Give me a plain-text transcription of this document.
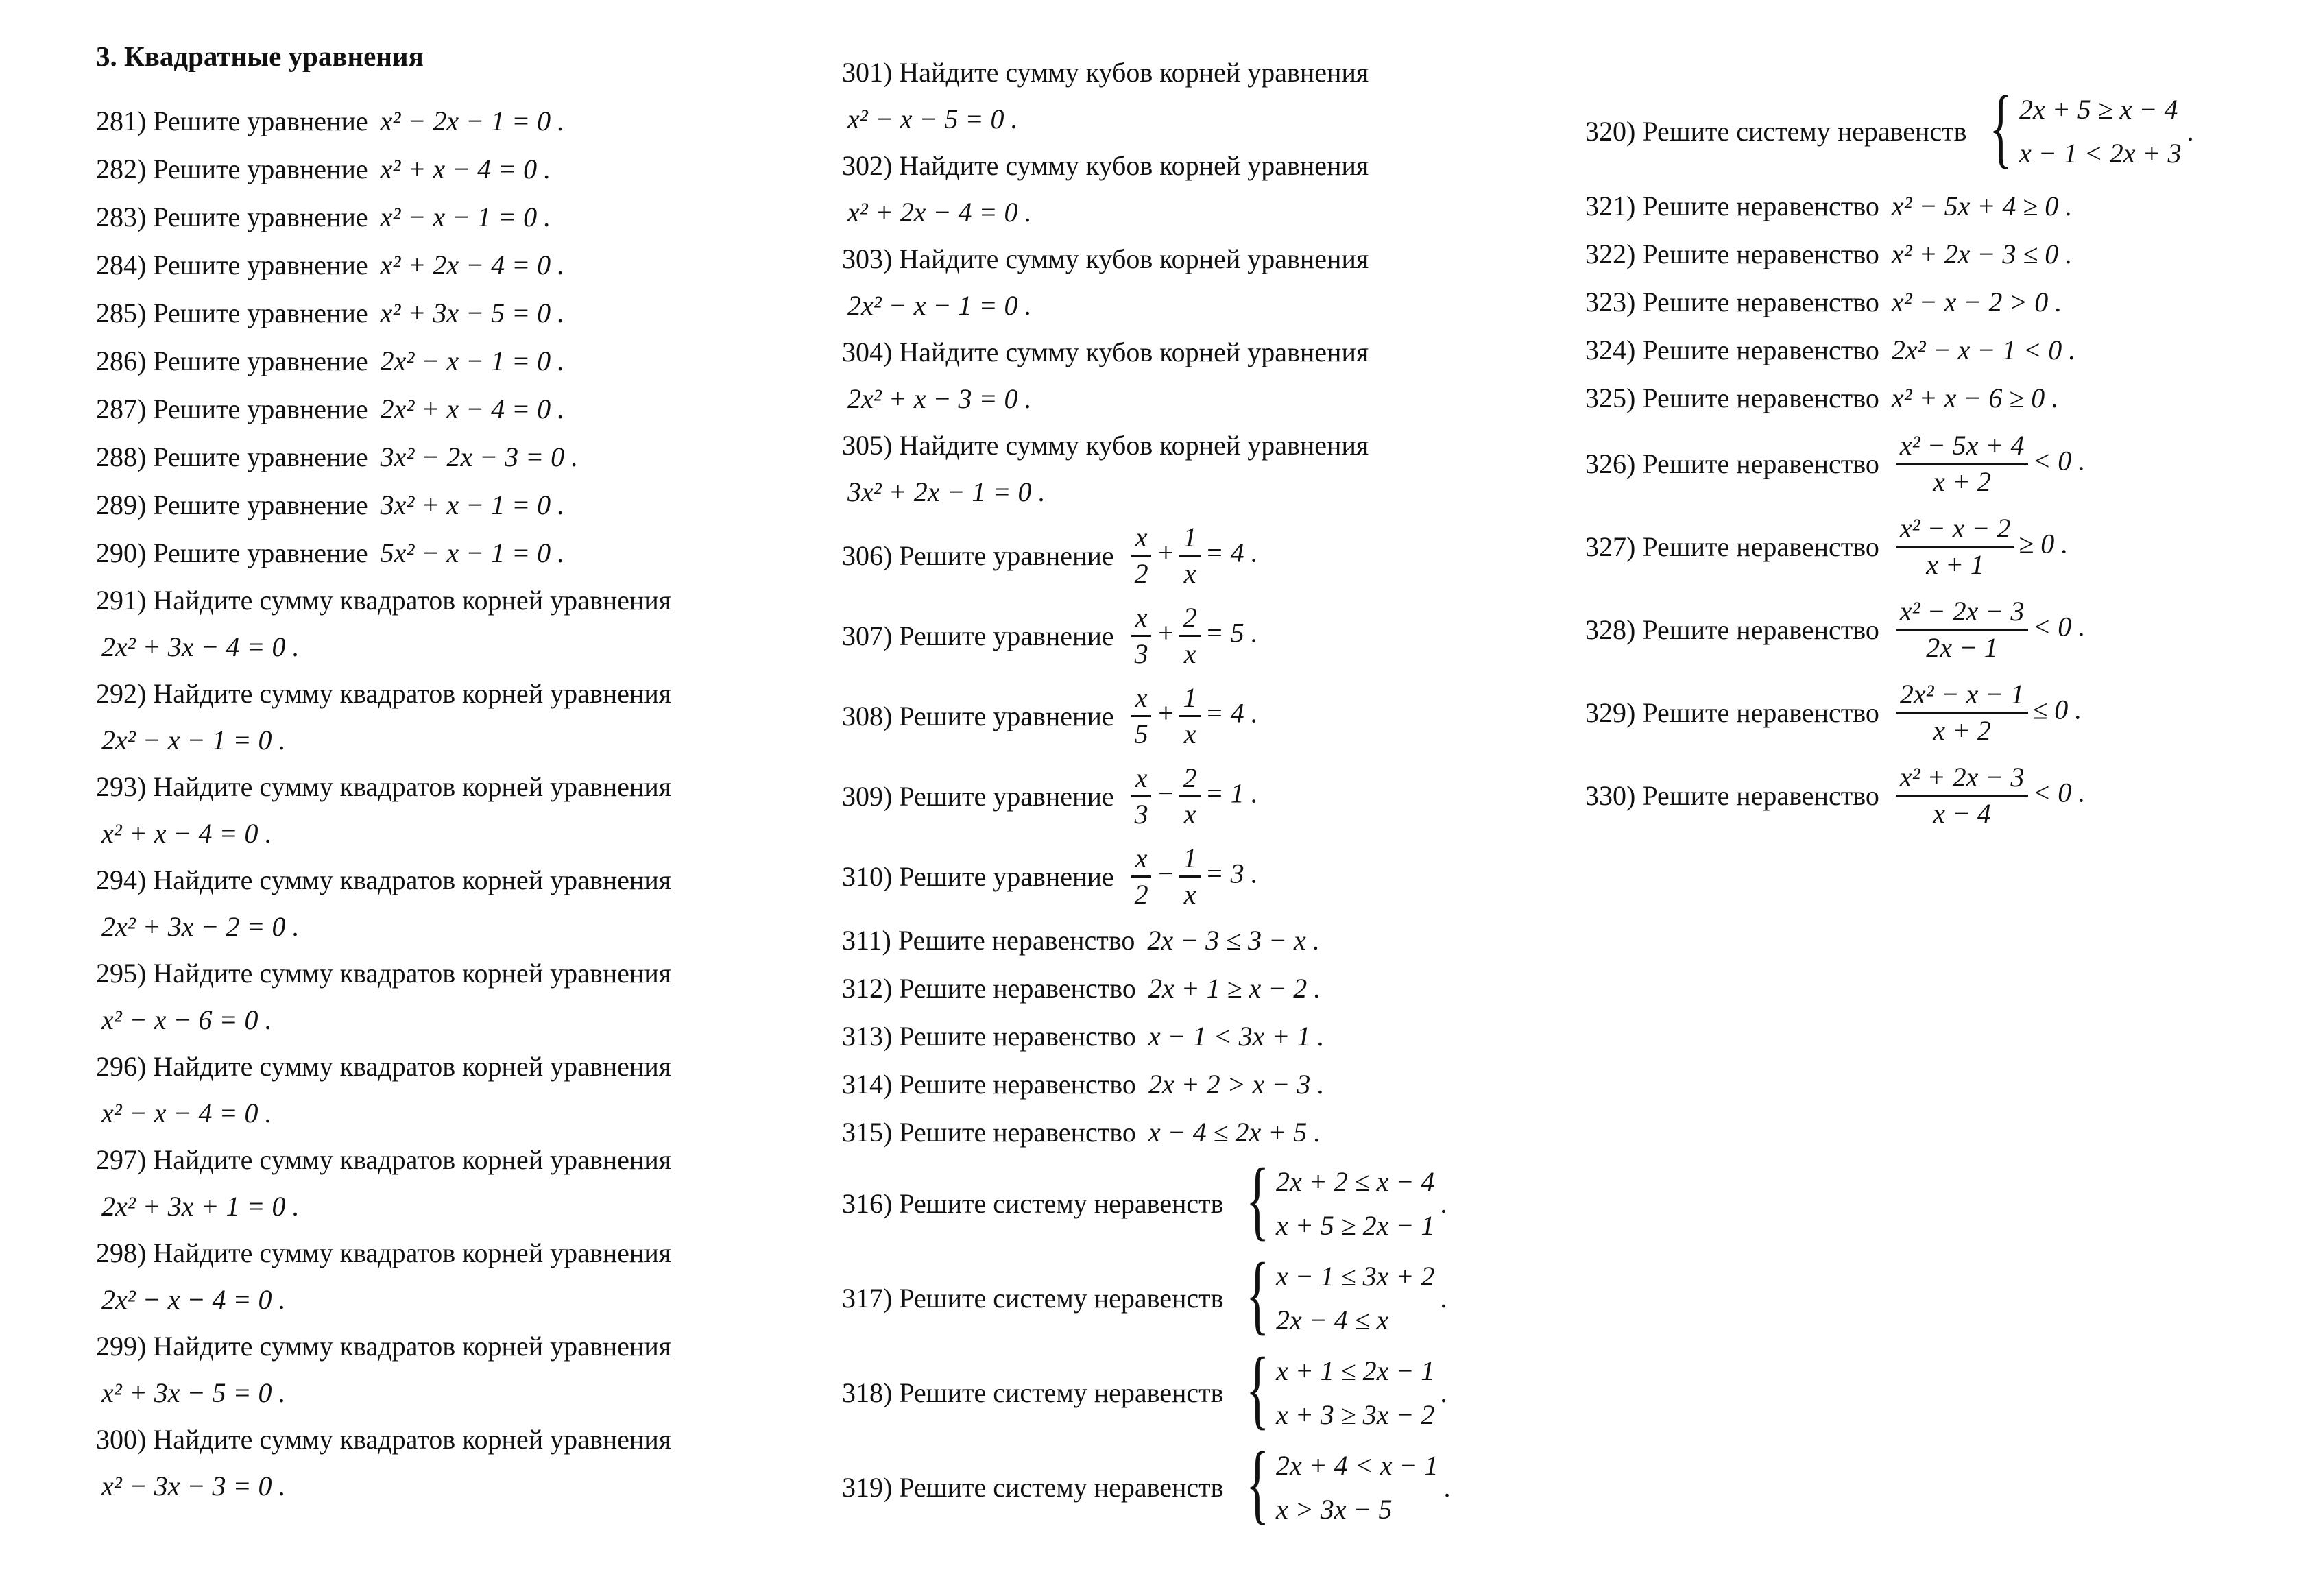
3. Квадратные уравнения
281) Решите уравнение x² − 2x − 1 = 0 .
282) Решите уравнение x² + x − 4 = 0 .
283) Решите уравнение x² − x − 1 = 0 .
284) Решите уравнение x² + 2x − 4 = 0 .
285) Решите уравнение x² + 3x − 5 = 0 .
286) Решите уравнение 2x² − x − 1 = 0 .
287) Решите уравнение 2x² + x − 4 = 0 .
288) Решите уравнение 3x² − 2x − 3 = 0 .
289) Решите уравнение 3x² + x − 1 = 0 .
290) Решите уравнение 5x² − x − 1 = 0 .
291) Найдите сумму квадратов корней уравнения
2x² + 3x − 4 = 0 .
292) Найдите сумму квадратов корней уравнения
2x² − x − 1 = 0 .
293) Найдите сумму квадратов корней уравнения
x² + x − 4 = 0 .
294) Найдите сумму квадратов корней уравнения
2x² + 3x − 2 = 0 .
295) Найдите сумму квадратов корней уравнения
x² − x − 6 = 0 .
296) Найдите сумму квадратов корней уравнения
x² − x − 4 = 0 .
297) Найдите сумму квадратов корней уравнения
2x² + 3x + 1 = 0 .
298) Найдите сумму квадратов корней уравнения
2x² − x − 4 = 0 .
299) Найдите сумму квадратов корней уравнения
x² + 3x − 5 = 0 .
300) Найдите сумму квадратов корней уравнения
x² − 3x − 3 = 0 .
301) Найдите сумму кубов корней уравнения
x² − x − 5 = 0 .
302) Найдите сумму кубов корней уравнения
x² + 2x − 4 = 0 .
303) Найдите сумму кубов корней уравнения
2x² − x − 1 = 0 .
304) Найдите сумму кубов корней уравнения
2x² + x − 3 = 0 .
305) Найдите сумму кубов корней уравнения
3x² + 2x − 1 = 0 .
306)
Решите уравнение $\frac{x}{2} + \frac{1}{x} = 4$ .
307)
Решите уравнение $\frac{x}{3} + \frac{2}{x} = 5$ .
308)
Решите уравнение $\frac{x}{5} + \frac{1}{x} = 4$ .
309)
Решите уравнение $\frac{x}{3} - \frac{2}{x} = 1$ .
310)
Решите уравнение $\frac{x}{2} - \frac{1}{x} = 3$ .
311) Решите неравенство 2x − 3 ≤ 3 − x .
312) Решите неравенство 2x + 1 ≥ x − 2 .
313) Решите неравенство x − 1 < 3x + 1 .
314) Решите неравенство 2x + 2 > x − 3 .
315) Решите неравенство x − 4 ≤ 2x + 5 .
316)
Решите систему неравенств { 2x + 2 ≤ x − 4
x + 5 ≥ 2x − 1
.
317)
Решите систему неравенств { x − 1 ≤ 3x + 2
2x − 4 ≤ x
.
318)
Решите систему неравенств { x + 1 ≤ 2x − 1
x + 3 ≥ 3x − 2
.
319)
Решите систему неравенств { 2x + 4 < x − 1
x > 3x − 5
.
320)
Решите систему неравенств { 2x + 5 ≥ x − 4
x − 1 < 2x + 3
.
321) Решите неравенство x² − 5x + 4 ≥ 0 .
322) Решите неравенство x² + 2x − 3 ≤ 0 .
323) Решите неравенство x² − x − 2 > 0 .
324) Решите неравенство 2x² − x − 1 < 0 .
325) Решите неравенство x² + x − 6 ≥ 0 .
326)
Решите неравенство $\frac{\text{x² − 5x + 4}}{x + 2} < 0$ .
327)
Решите неравенство $\frac{\text{x² − x − 2}}{x + 1} \ge 0$ .
328)
Решите неравенство $\frac{\text{x² − 2x − 3}}{2x - 1} < 0$ .
329)
Решите неравенство $\frac{\text{2x² − x − 1}}{x + 2} \le 0$ .
330)
Решите неравенство $\frac{\text{x² + 2x − 3}}{x - 4} < 0$ .
